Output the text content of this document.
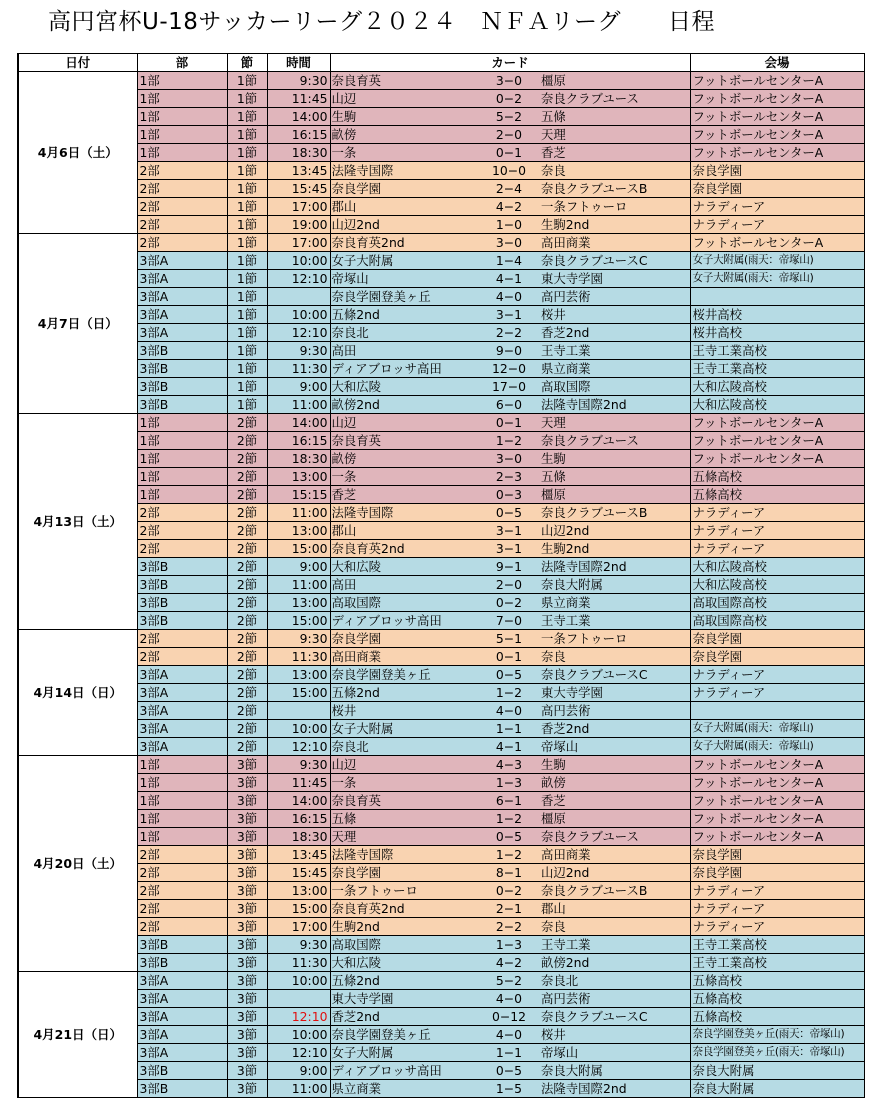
高円宮杯U-18サッカーリーグ２０２４　ＮＦＡリーグ　　日程
日付	部	節	時間	カード			会場
4月6日（土）	1部	1節	9:30	奈良育英	3−0	橿原	フットボールセンターA
	1部	1節	11:45	山辺	0−2	奈良クラブユース	フットボールセンターA
	1部	1節	14:00	生駒	5−2	五條	フットボールセンターA
	1部	1節	16:15	畝傍	2−0	天理	フットボールセンターA
	1部	1節	18:30	一条	0−1	香芝	フットボールセンターA
	2部	1節	13:45	法隆寺国際	10−0	奈良	奈良学園
	2部	1節	15:45	奈良学園	2−4	奈良クラブユースB	奈良学園
	2部	1節	17:00	郡山	4−2	一条フトゥーロ	ナラディーア
	2部	1節	19:00	山辺2nd	1−0	生駒2nd	ナラディーア
4月7日（日）	2部	1節	17:00	奈良育英2nd	3−0	高田商業	フットボールセンターA
	3部A	1節	10:00	女子大附属	1−4	奈良クラブユースC	女子大附属(雨天：帝塚山)
	3部A	1節	12:10	帝塚山	4−1	東大寺学園	女子大附属(雨天：帝塚山)
	3部A	1節		奈良学園登美ヶ丘	4−0	高円芸術	
	3部A	1節	10:00	五條2nd	3−1	桜井	桜井高校
	3部A	1節	12:10	奈良北	2−2	香芝2nd	桜井高校
	3部B	1節	9:30	高田	9−0	王寺工業	王寺工業高校
	3部B	1節	11:30	ディアブロッサ高田	12−0	県立商業	王寺工業高校
	3部B	1節	9:00	大和広陵	17−0	高取国際	大和広陵高校
	3部B	1節	11:00	畝傍2nd	6−0	法隆寺国際2nd	大和広陵高校
4月13日（土）	1部	2節	14:00	山辺	0−1	天理	フットボールセンターA
	1部	2節	16:15	奈良育英	1−2	奈良クラブユース	フットボールセンターA
	1部	2節	18:30	畝傍	3−0	生駒	フットボールセンターA
	1部	2節	13:00	一条	2−3	五條	五條高校
	1部	2節	15:15	香芝	0−3	橿原	五條高校
	2部	2節	11:00	法隆寺国際	0−5	奈良クラブユースB	ナラディーア
	2部	2節	13:00	郡山	3−1	山辺2nd	ナラディーア
	2部	2節	15:00	奈良育英2nd	3−1	生駒2nd	ナラディーア
	3部B	2節	9:00	大和広陵	9−1	法隆寺国際2nd	大和広陵高校
	3部B	2節	11:00	高田	2−0	奈良大附属	大和広陵高校
	3部B	2節	13:00	高取国際	0−2	県立商業	高取国際高校
	3部B	2節	15:00	ディアブロッサ高田	7−0	王寺工業	高取国際高校
4月14日（日）	2部	2節	9:30	奈良学園	5−1	一条フトゥーロ	奈良学園
	2部	2節	11:30	高田商業	0−1	奈良	奈良学園
	3部A	2節	13:00	奈良学園登美ヶ丘	0−5	奈良クラブユースC	ナラディーア
	3部A	2節	15:00	五條2nd	1−2	東大寺学園	ナラディーア
	3部A	2節		桜井	4−0	高円芸術	
	3部A	2節	10:00	女子大附属	1−1	香芝2nd	女子大附属(雨天：帝塚山)
	3部A	2節	12:10	奈良北	4−1	帝塚山	女子大附属(雨天：帝塚山)
4月20日（土）	1部	3節	9:30	山辺	4−3	生駒	フットボールセンターA
	1部	3節	11:45	一条	1−3	畝傍	フットボールセンターA
	1部	3節	14:00	奈良育英	6−1	香芝	フットボールセンターA
	1部	3節	16:15	五條	1−2	橿原	フットボールセンターA
	1部	3節	18:30	天理	0−5	奈良クラブユース	フットボールセンターA
	2部	3節	13:45	法隆寺国際	1−2	高田商業	奈良学園
	2部	3節	15:45	奈良学園	8−1	山辺2nd	奈良学園
	2部	3節	13:00	一条フトゥーロ	0−2	奈良クラブユースB	ナラディーア
	2部	3節	15:00	奈良育英2nd	2−1	郡山	ナラディーア
	2部	3節	17:00	生駒2nd	2−2	奈良	ナラディーア
	3部B	3節	9:30	高取国際	1−3	王寺工業	王寺工業高校
	3部B	3節	11:30	大和広陵	4−2	畝傍2nd	王寺工業高校
4月21日（日）	3部A	3節	10:00	五條2nd	5−2	奈良北	五條高校
	3部A	3節		東大寺学園	4−0	高円芸術	五條高校
	3部A	3節	12:10	香芝2nd	0−12	奈良クラブユースC	五條高校
	3部A	3節	10:00	奈良学園登美ヶ丘	4−0	桜井	奈良学園登美ヶ丘(雨天：帝塚山)
	3部A	3節	12:10	女子大附属	1−1	帝塚山	奈良学園登美ヶ丘(雨天：帝塚山)
	3部B	3節	9:00	ディアブロッサ高田	0−5	奈良大附属	奈良大附属
	3部B	3節	11:00	県立商業	1−5	法隆寺国際2nd	奈良大附属
